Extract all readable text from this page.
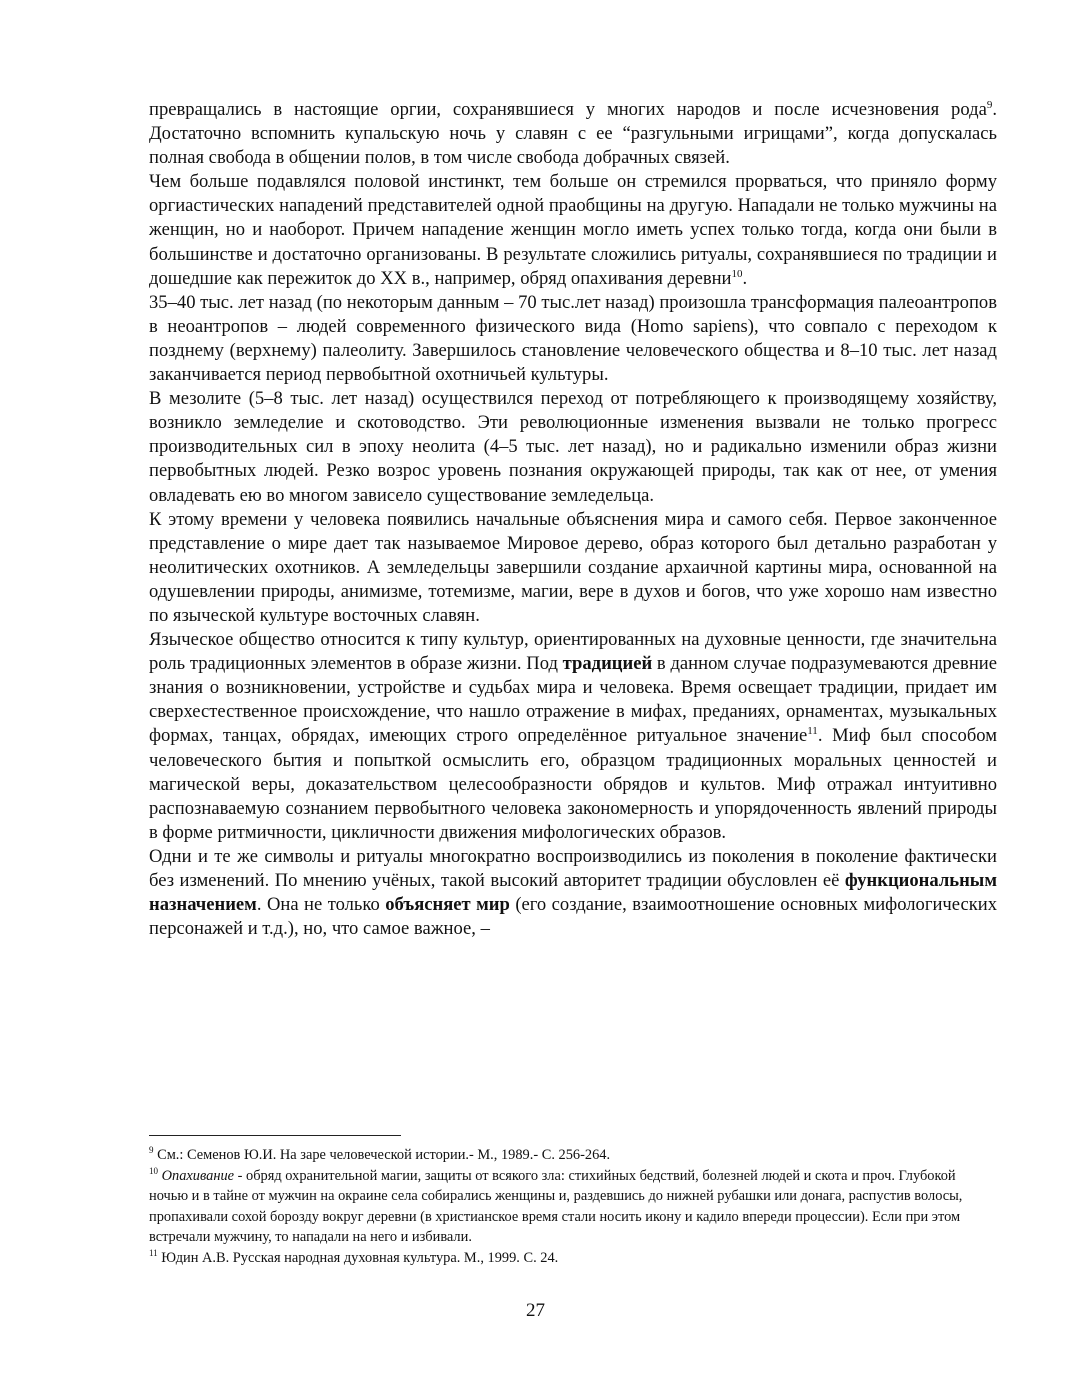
превращались в настоящие оргии, сохранявшиеся у многих народов и после исчезновения рода$^9$. Достаточно вспомнить купальскую ночь у славян с ее “разгульными игрищами”, когда допускалась полная свобода в общении полов, в том числе свобода добрачных связей.

Чем больше подавлялся половой инстинкт, тем больше он стремился прорваться, что приняло форму оргиастических нападений представителей одной праобщины на другую. Нападали не только мужчины на женщин, но и наоборот. Причем нападение женщин могло иметь успех только тогда, когда они были в большинстве и достаточно организованы. В результате сложились ритуалы, сохранявшиеся по традиции и дошедшие как пережиток до XX в., например, обряд опахивания деревни$^{10}$.

35–40 тыс. лет назад (по некоторым данным – 70 тыс.лет назад) произошла трансформация палеоантропов в неоантропов – людей современного физического вида (Homo sapiens), что совпало с переходом к позднему (верхнему) палеолиту. Завершилось становление человеческого общества и 8–10 тыс. лет назад заканчивается период первобытной охотничьей культуры.

В мезолите (5–8 тыс. лет назад) осуществился переход от потребляющего к производящему хозяйству, возникло земледелие и скотоводство. Эти революционные изменения вызвали не только прогресс производительных сил в эпоху неолита (4–5 тыс. лет назад), но и радикально изменили образ жизни первобытных людей. Резко возрос уровень познания окружающей природы, так как от нее, от умения овладевать ею во многом зависело существование земледельца.

К этому времени у человека появились начальные объяснения мира и самого себя. Первое законченное представление о мире дает так называемое Мировое дерево, образ которого был детально разработан у неолитических охотников. А земледельцы завершили создание архаичной картины мира, основанной на одушевлении природы, анимизме, тотемизме, магии, вере в духов и богов, что уже хорошо нам известно по языческой культуре восточных славян.

Языческое общество относится к типу культур, ориентированных на духовные ценности, где значительна роль традиционных элементов в образе жизни. Под традицией в данном случае подразумеваются древние знания о возникновении, устройстве и судьбах мира и человека. Время освещает традиции, придает им сверхестественное происхождение, что нашло отражение в мифах, преданиях, орнаментах, музыкальных формах, танцах, обрядах, имеющих строго определённое ритуальное значение$^{11}$. Миф был способом человеческого бытия и попыткой осмыслить его, образцом традиционных моральных ценностей и магической веры, доказательством целесообразности обрядов и культов. Миф отражал интуитивно распознаваемую сознанием первобытного человека закономерность и упорядоченность явлений природы в форме ритмичности, цикличности движения мифологических образов.

Одни и те же символы и ритуалы многократно воспроизводились из поколения в поколение фактически без изменений. По мнению учёных, такой высокий авторитет традиции обусловлен её функциональным назначением. Она не только объясняет мир (его создание, взаимоотношение основных мифологических персонажей и т.д.), но, что самое важное, –

$^9$ См.: Семенов Ю.И. На заре человеческой истории.- М., 1989.- С. 256-264.

$^{10}$ Опахивание - обряд охранительной магии, защиты от всякого зла: стихийных бедствий, болезней людей и скота и проч. Глубокой ночью и в тайне от мужчин на окраине села собирались женщины и, раздевшись до нижней рубашки или донага, распустив волосы, пропахивали сохой борозду вокруг деревни (в христианское время стали носить икону и кадило впереди процессии). Если при этом встречали мужчину, то нападали на него и избивали.

$^{11}$ Юдин А.В. Русская народная духовная культура. М., 1999. С. 24.

27
